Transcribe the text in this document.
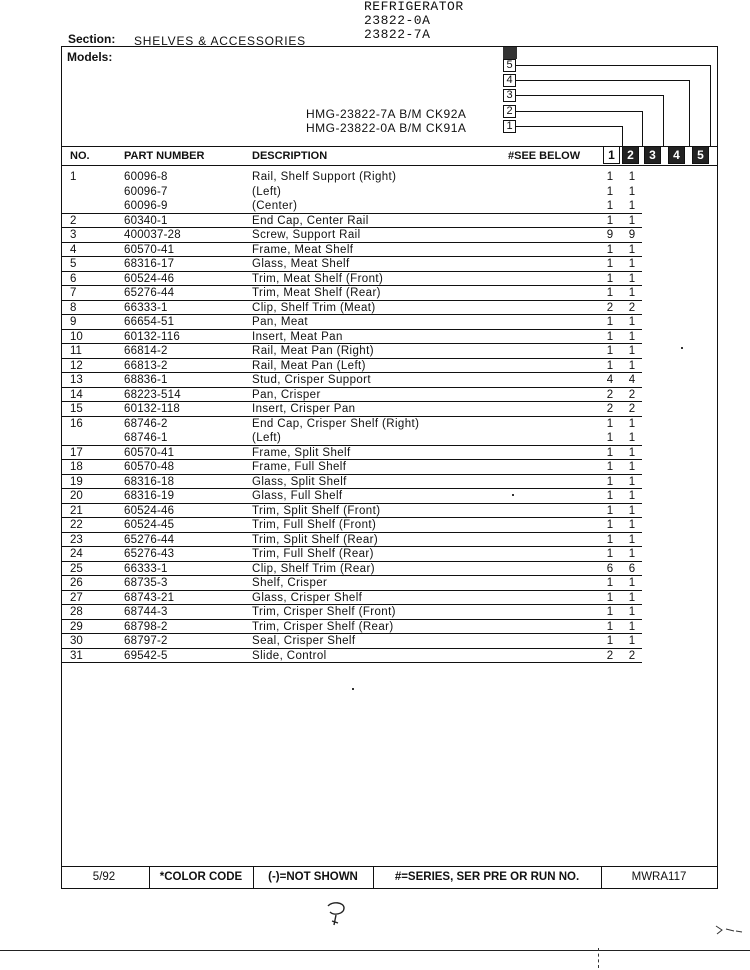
REFRIGERATOR
23822-0A
23822-7A
Section: SHELVES & ACCESSORIES
Models:
HMG-23822-7A B/M CK92A
HMG-23822-0A B/M CK91A
5
4
3
2
1
NO.	PART NUMBER	DESCRIPTION	#SEE BELOW	1	2	3	4	5
1	60096-8	Rail, Shelf Support (Right)	1	1
60096-7	(Left)	1	1
60096-9	(Center)	1	1
2	60340-1	End Cap, Center Rail	1	1
3	400037-28	Screw, Support Rail	9	9
4	60570-41	Frame, Meat Shelf	1	1
5	68316-17	Glass, Meat Shelf	1	1
6	60524-46	Trim, Meat Shelf (Front)	1	1
7	65276-44	Trim, Meat Shelf (Rear)	1	1
8	66333-1	Clip, Shelf Trim (Meat)	2	2
9	66654-51	Pan, Meat	1	1
10	60132-116	Insert, Meat Pan	1	1
11	66814-2	Rail, Meat Pan (Right)	1	1
12	66813-2	Rail, Meat Pan (Left)	1	1
13	68836-1	Stud, Crisper Support	4	4
14	68223-514	Pan, Crisper	2	2
15	60132-118	Insert, Crisper Pan	2	2
16	68746-2	End Cap, Crisper Shelf (Right)	1	1
68746-1	(Left)	1	1
17	60570-41	Frame, Split Shelf	1	1
18	60570-48	Frame, Full Shelf	1	1
19	68316-18	Glass, Split Shelf	1	1
20	68316-19	Glass, Full Shelf	1	1
21	60524-46	Trim, Split Shelf (Front)	1	1
22	60524-45	Trim, Full Shelf (Front)	1	1
23	65276-44	Trim, Split Shelf (Rear)	1	1
24	65276-43	Trim, Full Shelf (Rear)	1	1
25	66333-1	Clip, Shelf Trim (Rear)	6	6
26	68735-3	Shelf, Crisper	1	1
27	68743-21	Glass, Crisper Shelf	1	1
28	68744-3	Trim, Crisper Shelf (Front)	1	1
29	68798-2	Trim, Crisper Shelf (Rear)	1	1
30	68797-2	Seal, Crisper Shelf	1	1
31	69542-5	Slide, Control	2	2
5/92	*COLOR CODE	(-)=NOT SHOWN	#=SERIES, SER PRE OR RUN NO.	MWRA117
